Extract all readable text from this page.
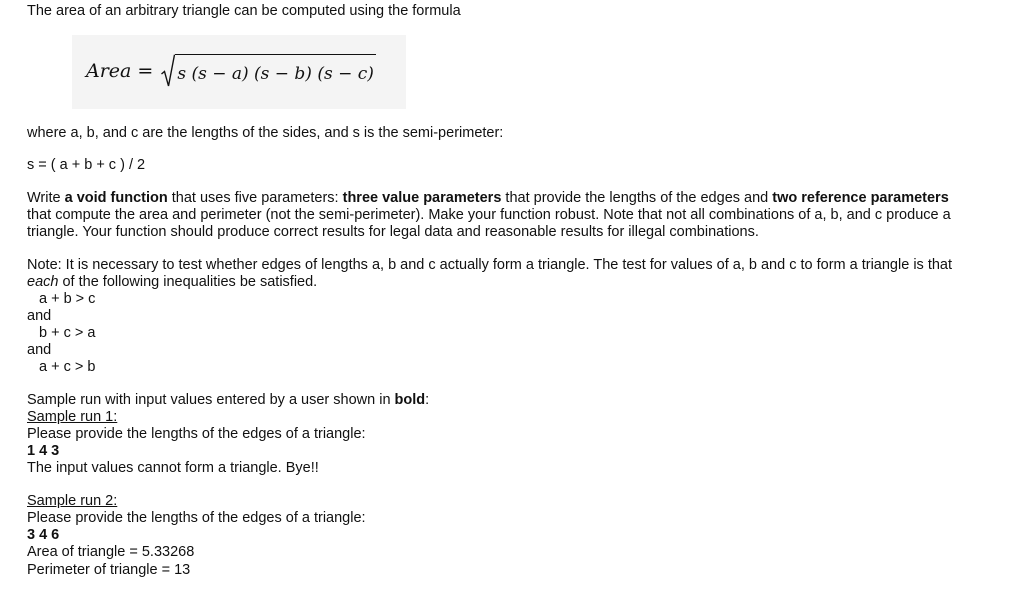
The area of an arbitrary triangle can be computed using the formula
Area = s (s − a) (s − b) (s − c)
where a, b, and c are the lengths of the sides, and s is the semi-perimeter:
s = ( a + b + c ) / 2
Write a void function that uses five parameters: three value parameters that provide the lengths of the edges and two reference parameters
that compute the area and perimeter (not the semi-perimeter). Make your function robust. Note that not all combinations of a, b, and c produce a
triangle. Your function should produce correct results for legal data and reasonable results for illegal combinations.
Note: It is necessary to test whether edges of lengths a, b and c actually form a triangle. The test for values of a, b and c to form a triangle is that
each of the following inequalities be satisfied.
a + b > c
and
b + c > a
and
a + c > b
Sample run with input values entered by a user shown in bold:
Sample run 1:
Please provide the lengths of the edges of a triangle:
1 4 3
The input values cannot form a triangle. Bye!!
Sample run 2:
Please provide the lengths of the edges of a triangle:
3 4 6
Area of triangle = 5.33268
Perimeter of triangle = 13
